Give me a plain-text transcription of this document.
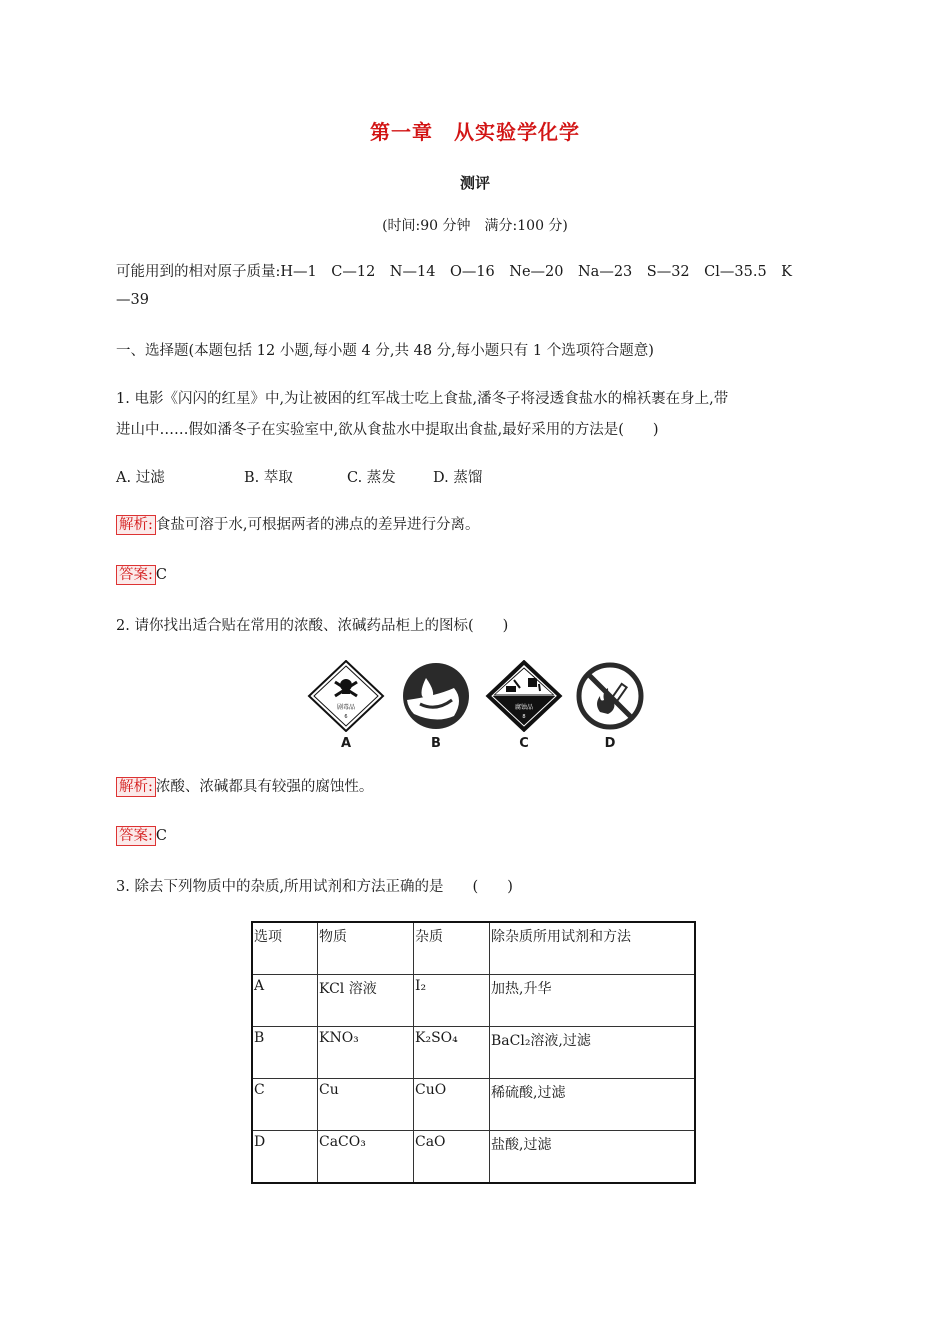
第一章　从实验学化学
测评
(时间:90 分钟　满分:100 分)
可能用到的相对原子质量:H—1　C—12　N—14　O—16　Ne—20　Na—23　S—32　Cl—35.5　K
—39
一、选择题(本题包括 12 小题,每小题 4 分,共 48 分,每小题只有 1 个选项符合题意)
1. 电影《闪闪的红星》中,为让被困的红军战士吃上食盐,潘冬子将浸透食盐水的棉袄裹在身上,带
进山中……假如潘冬子在实验室中,欲从食盐水中提取出食盐,最好采用的方法是(　　)
A. 过滤	B. 萃取	C. 蒸发	D. 蒸馏
解析: 食盐可溶于水,可根据两者的沸点的差异进行分离。
答案: C
2. 请你找出适合贴在常用的浓酸、浓碱药品柜上的图标(　　)
剧毒品
6
A	B
腐蚀品
8
C	D
解析: 浓酸、浓碱都具有较强的腐蚀性。
答案: C
3. 除去下列物质中的杂质,所用试剂和方法正确的是　　(　　)
选项	物质	杂质	除杂质所用试剂和方法
A	KCl 溶液	I₂	加热,升华
B	KNO₃	K₂SO₄	BaCl₂溶液,过滤
C	Cu	CuO	稀硫酸,过滤
D	CaCO₃	CaO	盐酸,过滤
